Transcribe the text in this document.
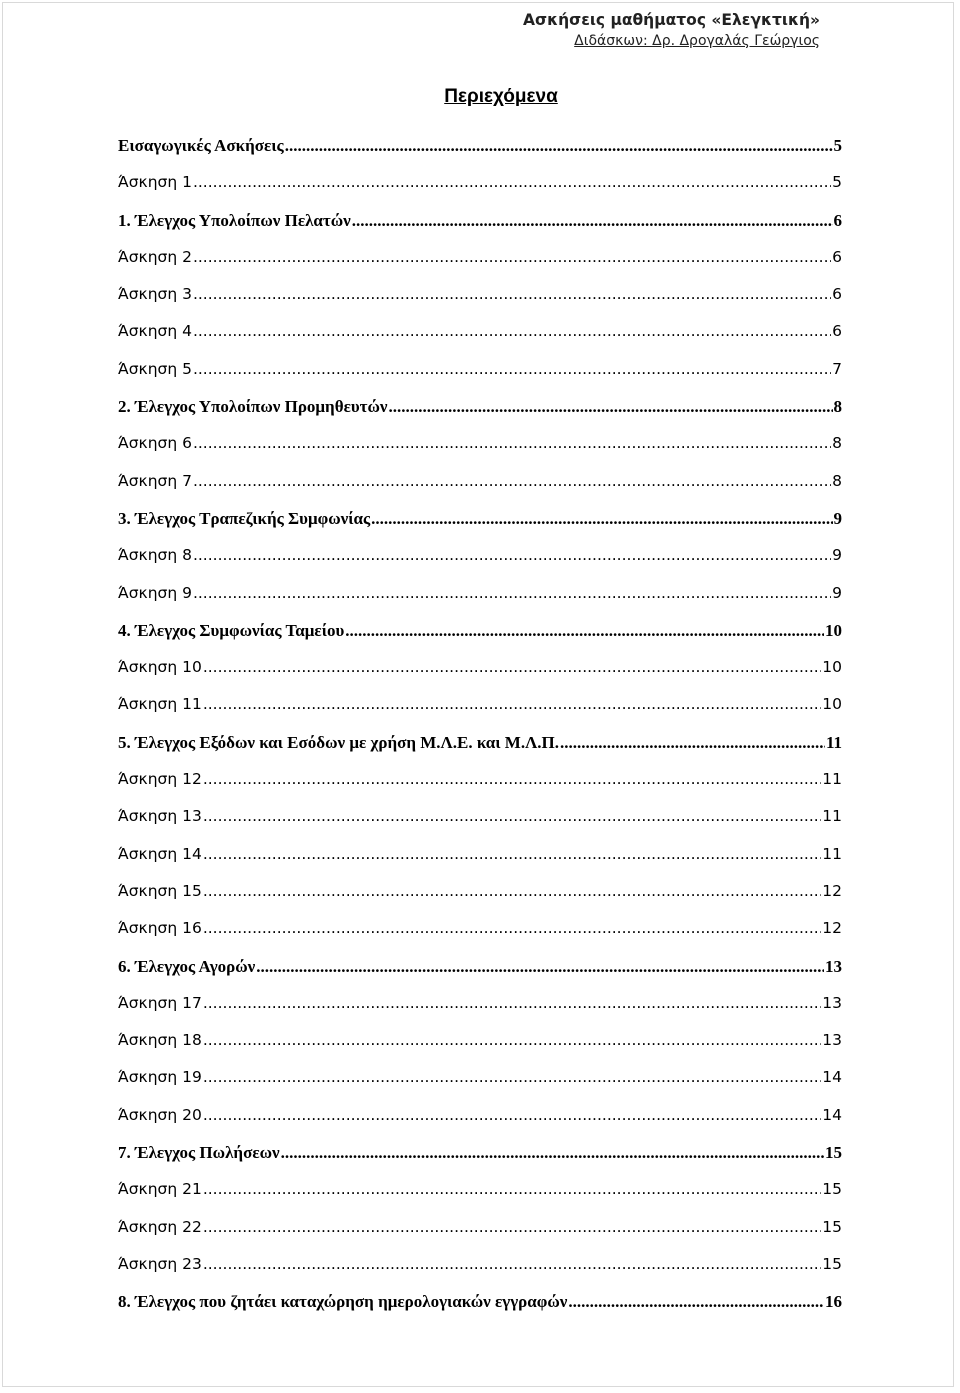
Ασκήσεις μαθήματος «Ελεγκτική»
Διδάσκων: Δρ. Δρογαλάς Γεώργιος
Περιεχόμενα
Εισαγωγικές Ασκήσεις .....	5
Άσκηση 1 .....	5
1. Έλεγχος Υπολοίπων Πελατών .....	6
Άσκηση 2 .....	6
Άσκηση 3 .....	6
Άσκηση 4 .....	6
Άσκηση 5 .....	7
2. Έλεγχος Υπολοίπων Προμηθευτών .....	8
Άσκηση 6 .....	8
Άσκηση 7 .....	8
3. Έλεγχος Τραπεζικής Συμφωνίας .....	9
Άσκηση 8 .....	9
Άσκηση 9 .....	9
4. Έλεγχος Συμφωνίας Ταμείου .....	10
Άσκηση 10 .....	10
Άσκηση 11 .....	10
5. Έλεγχος Εξόδων και Εσόδων με χρήση Μ.Λ.Ε. και Μ.Λ.Π. .....	11
Άσκηση 12 .....	11
Άσκηση 13 .....	11
Άσκηση 14 .....	11
Άσκηση 15 .....	12
Άσκηση 16 .....	12
6. Έλεγχος Αγορών .....	13
Άσκηση 17 .....	13
Άσκηση 18 .....	13
Άσκηση 19 .....	14
Άσκηση 20 .....	14
7. Έλεγχος Πωλήσεων .....	15
Άσκηση 21 .....	15
Άσκηση 22 .....	15
Άσκηση 23 .....	15
8. Έλεγχος που ζητάει καταχώρηση ημερολογιακών εγγραφών .....	16
